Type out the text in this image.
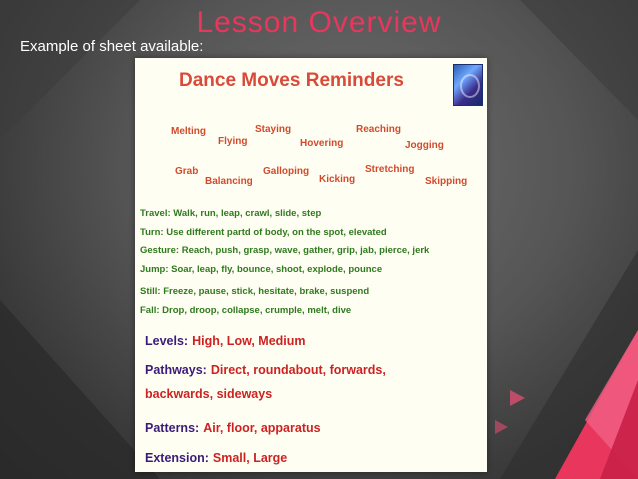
Lesson Overview
Example of sheet available:
Dance Moves Reminders
Melting
Flying
Staying
Hovering
Reaching
Jogging
Grab
Balancing
Galloping
Kicking
Stretching
Skipping
Travel: Walk, run, leap, crawl, slide, step
Turn: Use different partd of body, on the spot, elevated
Gesture: Reach, push, grasp, wave, gather, grip, jab, pierce, jerk
Jump: Soar, leap, fly, bounce, shoot, explode, pounce
Still: Freeze, pause, stick, hesitate, brake, suspend
Fall: Drop, droop, collapse, crumple, melt, dive
Levels: High, Low, Medium
Pathways: Direct, roundabout, forwards,
backwards, sideways
Patterns: Air, floor, apparatus
Extension: Small, Large
